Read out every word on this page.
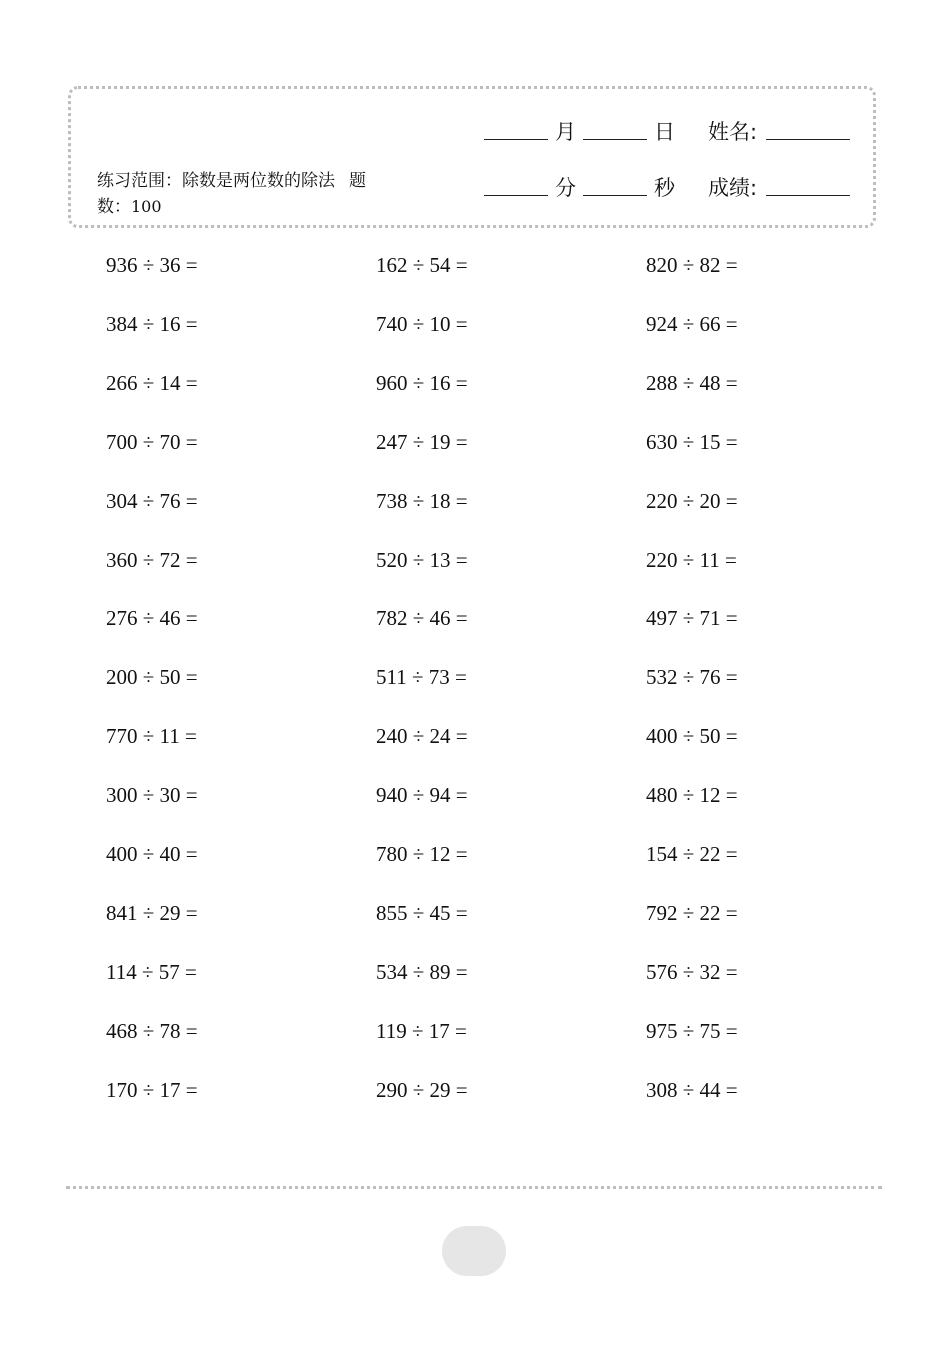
练习范围：除数是两位数的除法 题数：100
月	日 姓名:
分	秒 成绩:
936 ÷ 36 =	162 ÷ 54 =	820 ÷ 82 =
384 ÷ 16 =	740 ÷ 10 =	924 ÷ 66 =
266 ÷ 14 =	960 ÷ 16 =	288 ÷ 48 =
700 ÷ 70 =	247 ÷ 19 =	630 ÷ 15 =
304 ÷ 76 =	738 ÷ 18 =	220 ÷ 20 =
360 ÷ 72 =	520 ÷ 13 =	220 ÷ 11 =
276 ÷ 46 =	782 ÷ 46 =	497 ÷ 71 =
200 ÷ 50 =	511 ÷ 73 =	532 ÷ 76 =
770 ÷ 11 =	240 ÷ 24 =	400 ÷ 50 =
300 ÷ 30 =	940 ÷ 94 =	480 ÷ 12 =
400 ÷ 40 =	780 ÷ 12 =	154 ÷ 22 =
841 ÷ 29 =	855 ÷ 45 =	792 ÷ 22 =
114 ÷ 57 =	534 ÷ 89 =	576 ÷ 32 =
468 ÷ 78 =	119 ÷ 17 =	975 ÷ 75 =
170 ÷ 17 =	290 ÷ 29 =	308 ÷ 44 =
